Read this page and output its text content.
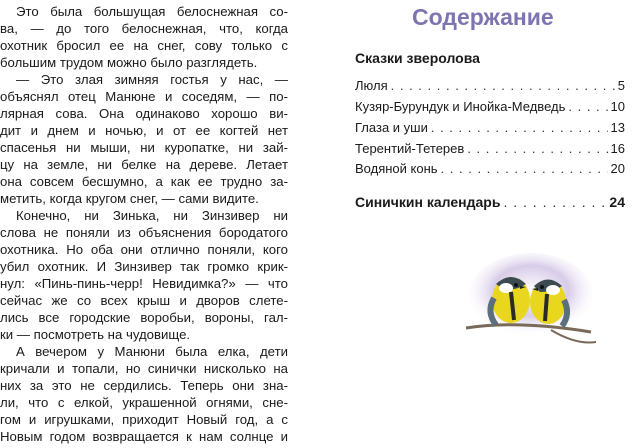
Это была большущая белоснежная со-
ва, — до того белоснежная, что, когда
охотник бросил ее на снег, сову только с
большим трудом можно было разглядеть.
— Это злая зимняя гостья у нас, —
объяснял отец Манюне и соседям, — по-
лярная сова. Она одинаково хорошо ви-
дит и днем и ночью, и от ее когтей нет
спасенья ни мыши, ни куропатке, ни зай-
цу на земле, ни белке на дереве. Летает
она совсем бесшумно, а как ее трудно за-
метить, когда кругом снег, — сами видите.
Конечно, ни Зинька, ни Зинзивер ни
слова не поняли из объяснения бородатого
охотника. Но оба они отлично поняли, кого
убил охотник. И Зинзивер так громко крик-
нул: «Пинь-пинь-черр! Невидимка?» — что
сейчас же со всех крыш и дворов слете-
лись все городские воробьи, вороны, гал-
ки — посмотреть на чудовище.
А вечером у Манюни была елка, дети
кричали и топали, но синички нисколько на
них за это не сердились. Теперь они зна-
ли, что с елкой, украшенной огнями, сне-
гом и игрушками, приходит Новый год, а с
Новым годом возвращается к нам солнце и
Содержание
Сказки зверолова
Люля . . .	5
Кузяр-Бурундук и Инойка-Медведь . . .	10
Глаза и уши . . .	13
Терентий-Тетерев . . .	16
Водяной конь . . .	20
Синичкин календарь . . .	24
